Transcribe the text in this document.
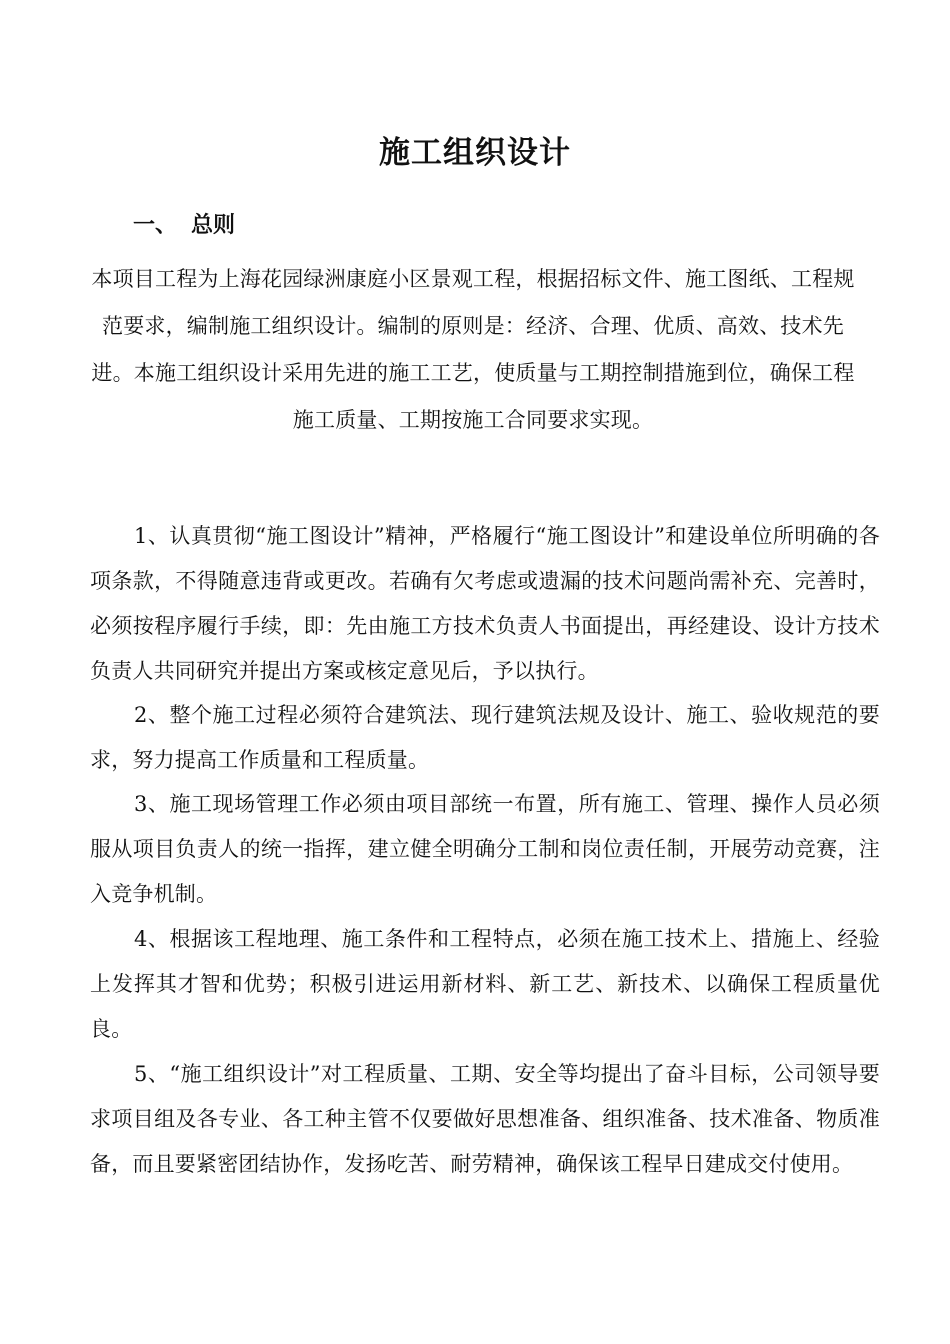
施工组织设计
一、 总则

本项目工程为上海花园绿洲康庭小区景观工程，根据招标文件、施工图纸、工程规范要求，编制施工组织设计。编制的原则是：经济、合理、优质、高效、技术先进。本施工组织设计采用先进的施工工艺，使质量与工期控制措施到位，确保工程施工质量、工期按施工合同要求实现。

1、认真贯彻“施工图设计”精神，严格履行“施工图设计”和建设单位所明确的各项条款，不得随意违背或更改。若确有欠考虑或遗漏的技术问题尚需补充、完善时，必须按程序履行手续，即：先由施工方技术负责人书面提出，再经建设、设计方技术负责人共同研究并提出方案或核定意见后，予以执行。

2、整个施工过程必须符合建筑法、现行建筑法规及设计、施工、验收规范的要求，努力提高工作质量和工程质量。

3、施工现场管理工作必须由项目部统一布置，所有施工、管理、操作人员必须服从项目负责人的统一指挥，建立健全明确分工制和岗位责任制，开展劳动竞赛，注入竞争机制。

4、根据该工程地理、施工条件和工程特点，必须在施工技术上、措施上、经验上发挥其才智和优势；积极引进运用新材料、新工艺、新技术、以确保工程质量优良。

5、“施工组织设计”对工程质量、工期、安全等均提出了奋斗目标，公司领导要求项目组及各专业、各工种主管不仅要做好思想准备、组织准备、技术准备、物质准备，而且要紧密团结协作，发扬吃苦、耐劳精神，确保该工程早日建成交付使用。
